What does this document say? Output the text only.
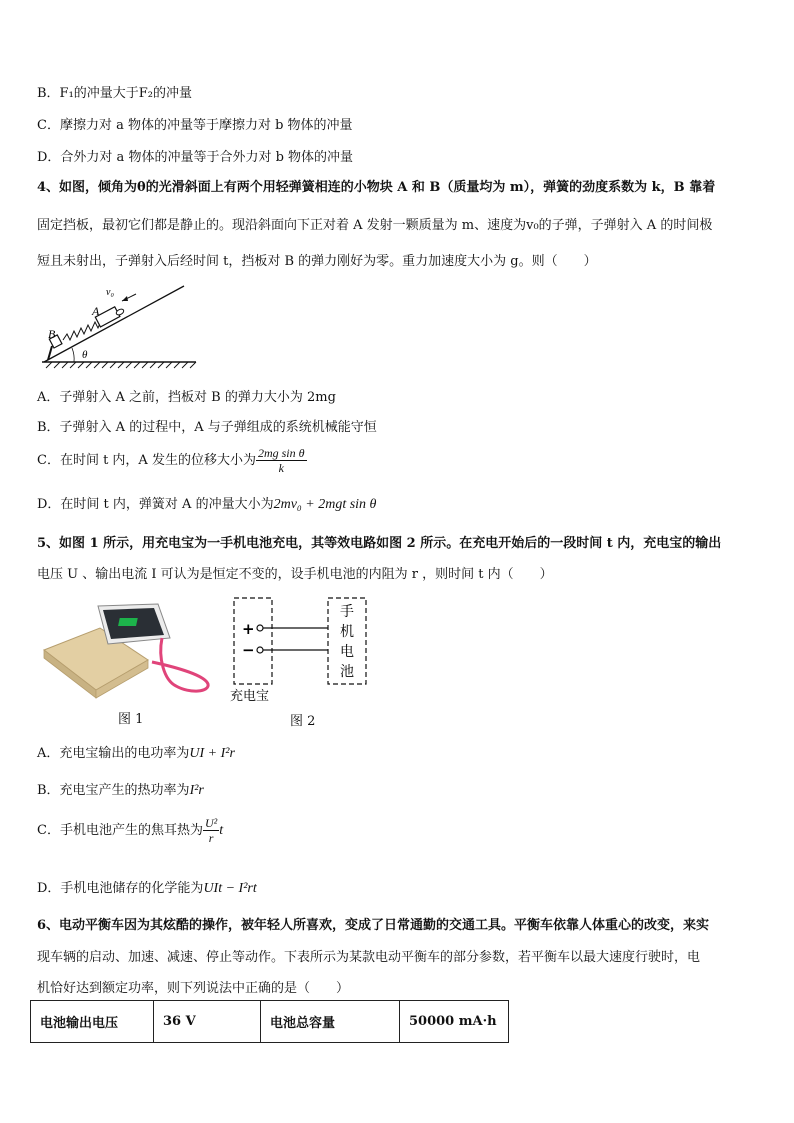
B．F₁的冲量大于F₂的冲量
C．摩擦力对 a 物体的冲量等于摩擦力对 b 物体的冲量
D．合外力对 a 物体的冲量等于合外力对 b 物体的冲量
4、如图，倾角为θ的光滑斜面上有两个用轻弹簧相连的小物块 A 和 B（质量均为 m），弹簧的劲度系数为 k，B 靠着
固定挡板，最初它们都是静止的。现沿斜面向下正对着 A 发射一颗质量为 m、速度为v₀的子弹，子弹射入 A 的时间极
短且未射出，子弹射入后经时间 t，挡板对 B 的弹力刚好为零。重力加速度大小为 g。则（　　）
v₀
A
B
θ
A．子弹射入 A 之前，挡板对 B 的弹力大小为 2mg
B．子弹射入 A 的过程中，A 与子弹组成的系统机械能守恒
C．在时间 t 内，A 发生的位移大小为 $\frac{\text{2mg sin θ}}{k}$
D．在时间 t 内，弹簧对 A 的冲量大小为2mv₀ + 2mgt sin θ
5、如图 1 所示，用充电宝为一手机电池充电，其等效电路如图 2 所示。在充电开始后的一段时间 t 内，充电宝的输出
电压 U 、输出电流 I 可认为是恒定不变的，设手机电池的内阻为 r ，则时间 t 内（　　）
图 1
+
−
手
机
电
池
充电宝
图 2
A．充电宝输出的电功率为UI + I²r
B．充电宝产生的热功率为I²r
C．手机电池产生的焦耳热为 $\frac{\text{U²}}{r}$ t
D．手机电池储存的化学能为UIt − I²rt
6、电动平衡车因为其炫酷的操作，被年轻人所喜欢，变成了日常通勤的交通工具。平衡车依靠人体重心的改变，来实
现车辆的启动、加速、减速、停止等动作。下表所示为某款电动平衡车的部分参数，若平衡车以最大速度行驶时，电
机恰好达到额定功率，则下列说法中正确的是（　　）
电池输出电压	36 V	电池总容量	50000 mA·h
